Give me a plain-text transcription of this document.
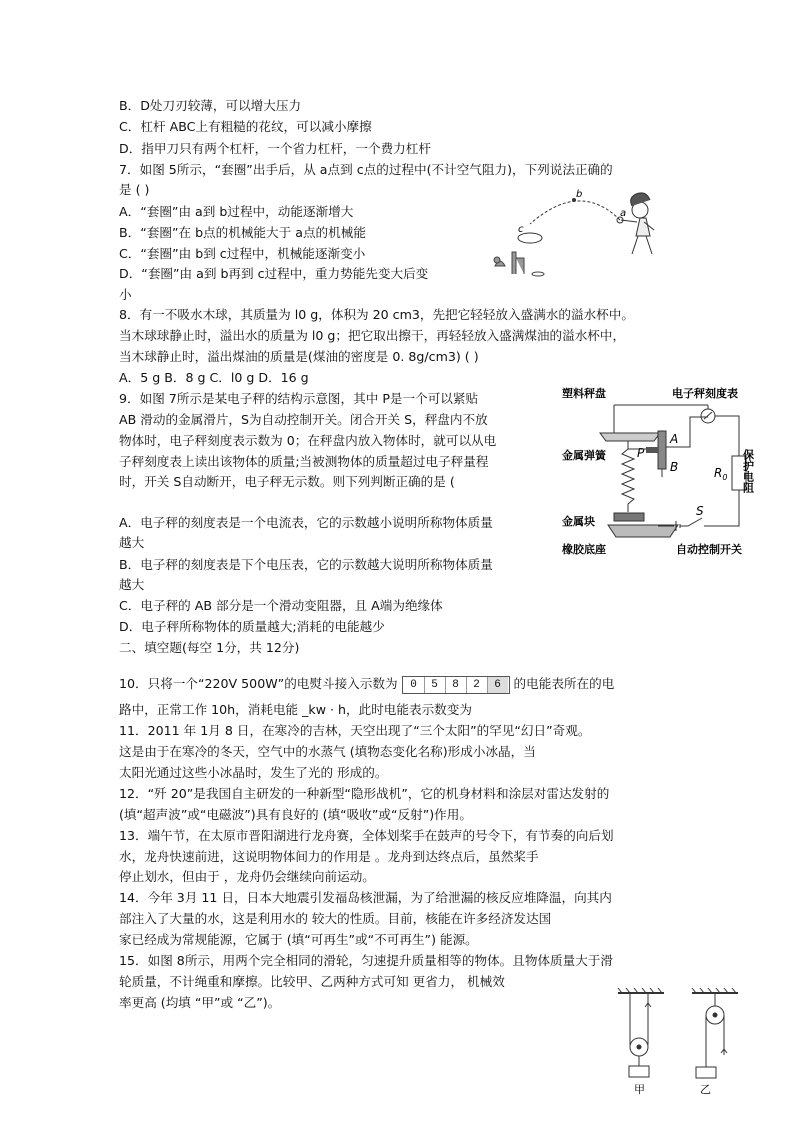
B．D处刀刃较薄，可以增大压力
C．杠杆 ABC上有粗糙的花纹，可以减小摩擦
D．指甲刀只有两个杠杆，一个省力杠杆，一个费力杠杆
7．如图 5所示，“套圈”出手后，从 a点到 c点的过程中(不计空气阻力)，下列说法正确的
是 ( )
A．“套圈”由 a到 b过程中，动能逐渐增大
B．“套圈”在 b点的机械能大于 a点的机械能
C．“套圈”由 b到 c过程中，机械能逐渐变小
D．“套圈”由 a到 b再到 c过程中，重力势能先变大后变
小
8．有一不吸水木球，其质量为 l0 g，体积为 20 cm3，先把它轻轻放入盛满水的溢水杯中。
当木球球静止时，溢出水的质量为 l0 g；把它取出擦干，再轻轻放入盛满煤油的溢水杯中，
当木球静止时，溢出煤油的质量是(煤油的密度是 0. 8g/cm3) ( )
A．5 g B．8 g C．l0 g D．16 g
9．如图 7所示是某电子秤的结构示意图，其中 P是一个可以紧贴
AB 滑动的金属滑片，S为自动控制开关。闭合开关 S，秤盘内不放
物体时，电子秤刻度表示数为 0；在秤盘内放入物体时，就可以从电
子秤刻度表上读出该物体的质量;当被测物体的质量超过电子秤量程
时，开关 S自动断开，电子秤无示数。则下列判断正确的是 (
A．电子秤的刻度表是一个电流表，它的示数越小说明所称物体质量
越大
B．电子秤的刻度表是下个电压表，它的示数越大说明所称物体质量
越大
C．电子秤的 AB 部分是一个滑动变阻器，且 A端为绝缘体
D．电子秤所称物体的质量越大;消耗的电能越少
二、填空题(每空 1分，共 12分)
10．只将一个“220V 500W”的电熨斗接入示数为 0 5 8 2 6 的电能表所在的电
路中，正常工作 10h，消耗电能 _kw · h，此时电能表示数变为
11．2011 年 1月 8 日，在寒冷的吉林，天空出现了“三个太阳”的罕见“幻日”奇观。
这是由于在寒冷的冬天，空气中的水蒸气 (填物态变化名称)形成小冰晶，当
太阳光通过这些小冰晶时，发生了光的 形成的。
12．“歼 20”是我国自主研发的一种新型“隐形战机”，它的机身材料和涂层对雷达发射的
(填“超声波”或“电磁波”)具有良好的 (填“吸收”或“反射”)作用。
13．端午节，在太原市晋阳湖进行龙舟赛，全体划桨手在鼓声的号令下，有节奏的向后划
水，龙舟快速前进，这说明物体间力的作用是 。龙舟到达终点后，虽然桨手
停止划水，但由于 ，龙舟仍会继续向前运动。
14．今年 3月 11 日，日本大地震引发福岛核泄漏，为了给泄漏的核反应堆降温，向其内
部注入了大量的水，这是利用水的 较大的性质。目前，核能在许多经济发达国
家已经成为常规能源，它属于 (填“可再生”或“不可再生”) 能源。
15．如图 8所示，用两个完全相同的滑轮，匀速提升质量相等的物体。且物体质量大于滑
轮质量，不计绳重和摩擦。比较甲、乙两种方式可知 更省力， 机械效
率更高 (均填 “甲”或 “乙”)。
b
a
c
塑料秤盘	电子秤刻度表
A
B
P
金属弹簧
$R_0$ 保护电阻
金属块
橡胶底座
S
自动控制开关
甲	乙
